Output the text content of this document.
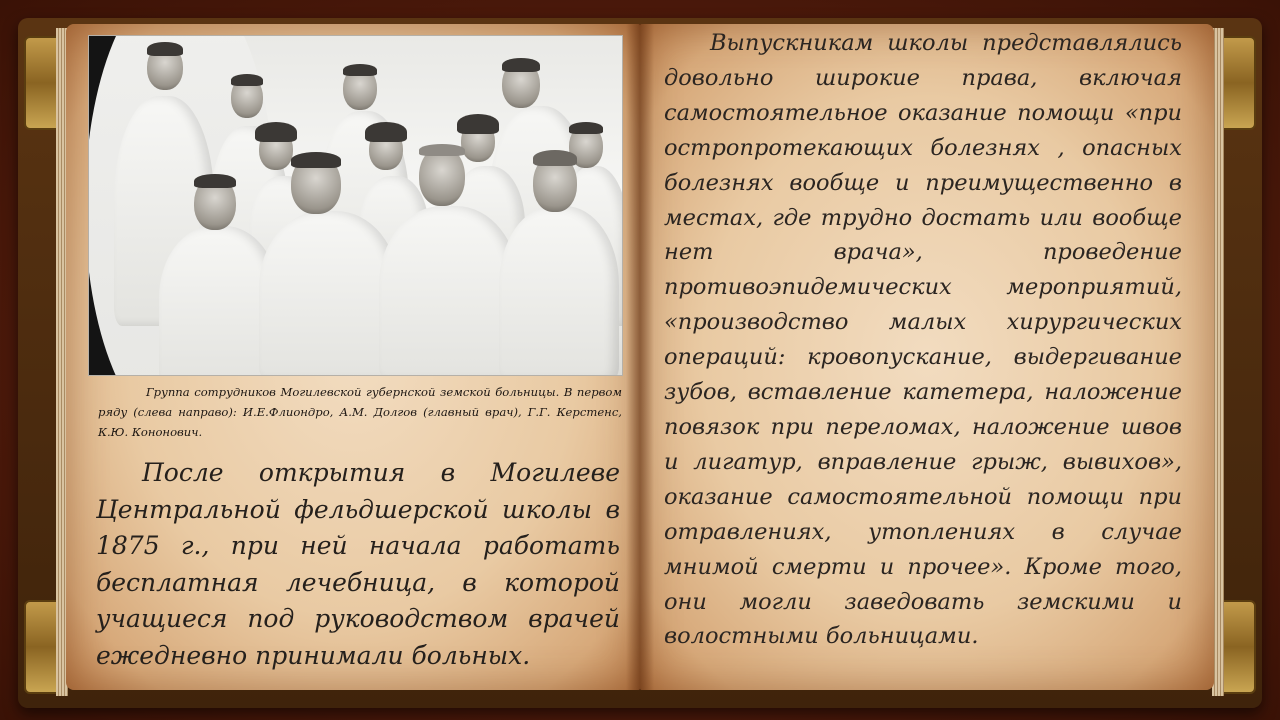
Группа сотрудников Могилевской губернской земской больницы. В первом ряду (слева направо): И.Е.Флиондро, А.М. Долгов (главный врач), Г.Г. Керстенс, К.Ю. Кононович.
После открытия в Могилеве Центральной фельдшерской школы в 1875 г., при ней начала работать бесплатная лечебница, в которой учащиеся под руководством врачей ежедневно принимали больных.
Выпускникам школы представлялись довольно широкие права, включая самостоятельное оказание помощи «при остропротекающих болезнях , опасных болезнях вообще и преимущественно в местах, где трудно достать или вообще нет врача», проведение противоэпидемических мероприятий, «производство малых хирургических операций: кровопускание, выдергивание зубов, вставление катетера, наложение повязок при переломах, наложение швов и лигатур, вправление грыж, вывихов», оказание самостоятельной помощи при отравлениях, утоплениях в случае мнимой смерти и прочее». Кроме того, они могли заведовать земскими и волостными больницами.
